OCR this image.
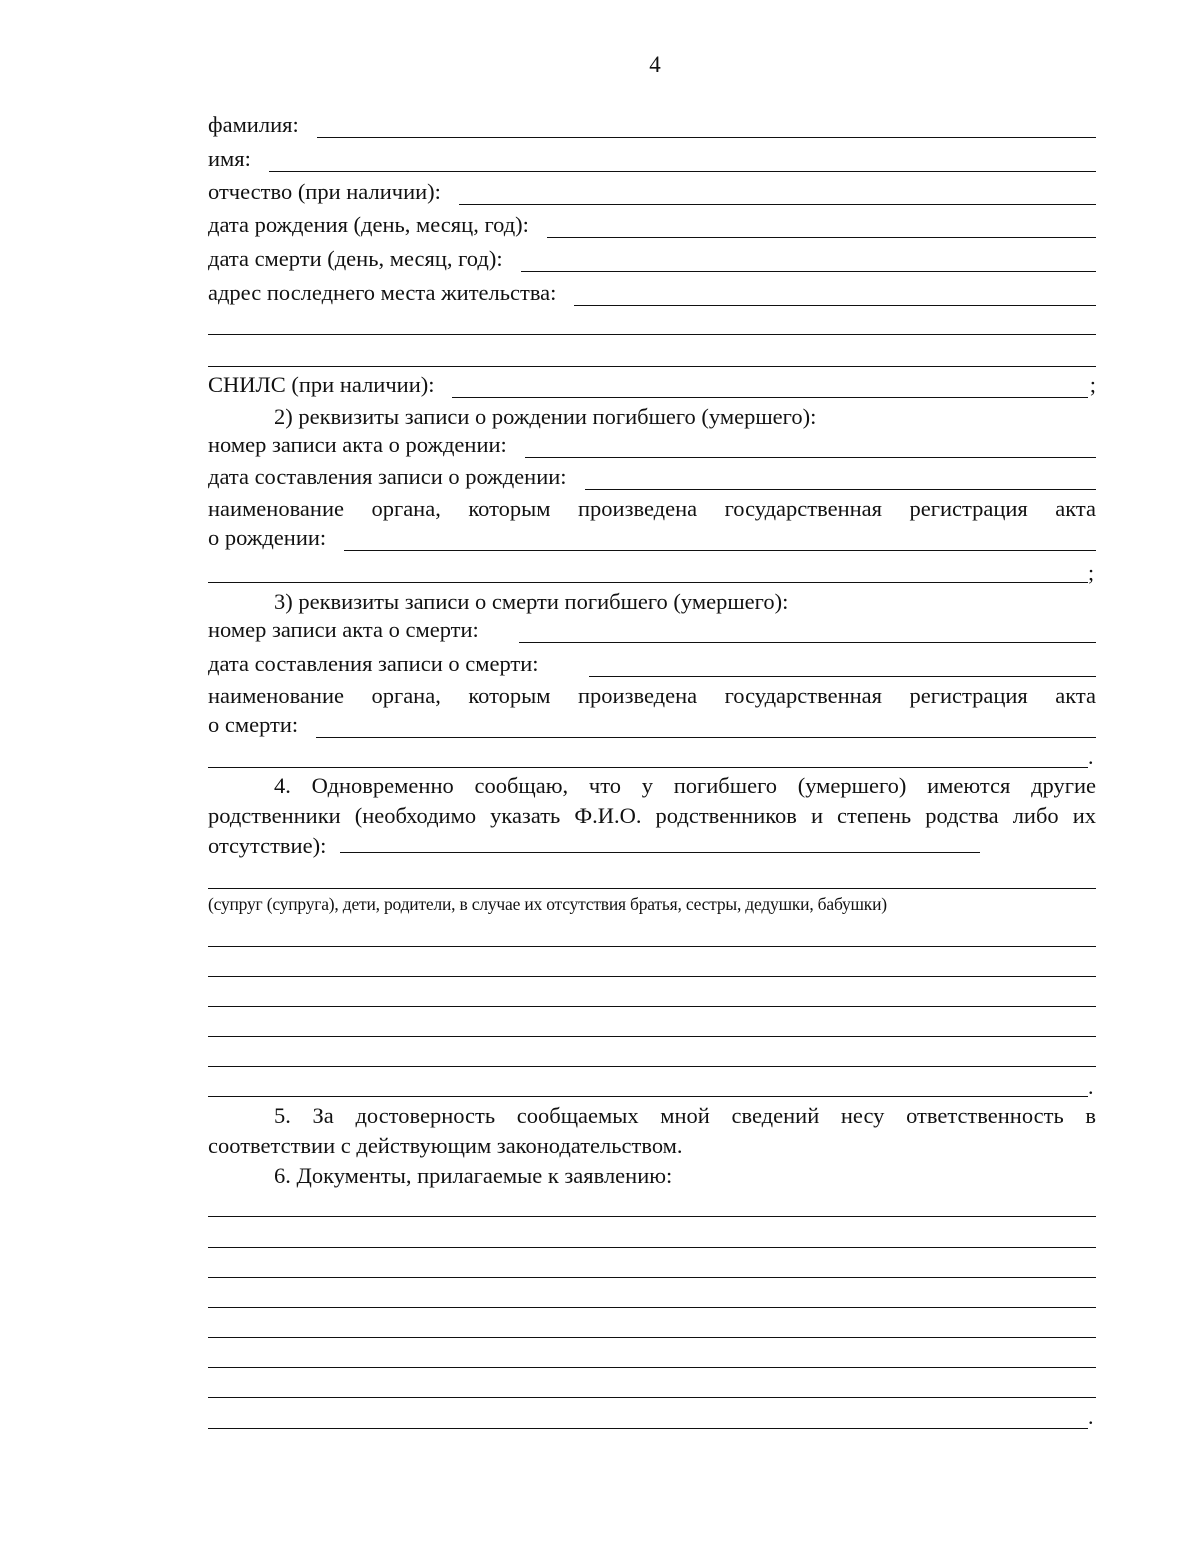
4
фамилия:
имя:
отчество (при наличии):
дата рождения (день, месяц, год):
дата смерти (день, месяц, год):
адрес последнего места жительства:
СНИЛС (при наличии):	;
2) реквизиты записи о рождении погибшего (умершего):
номер записи акта о рождении:
дата составления записи о рождении:
наименование органа, которым произведена государственная регистрация акта
о рождении:
;
3) реквизиты записи о смерти погибшего (умершего):
номер записи акта о смерти:
дата составления записи о смерти:
наименование органа, которым произведена государственная регистрация акта
о смерти:
.
4. Одновременно сообщаю, что у погибшего (умершего) имеются другие родственники (необходимо указать Ф.И.О. родственников и степень родства либо их отсутствие):
(супруг (супруга), дети, родители, в случае их отсутствия братья, сестры, дедушки, бабушки)
.
5. За достоверность сообщаемых мной сведений несу ответственность в соответствии с действующим законодательством.
6. Документы, прилагаемые к заявлению:
.
